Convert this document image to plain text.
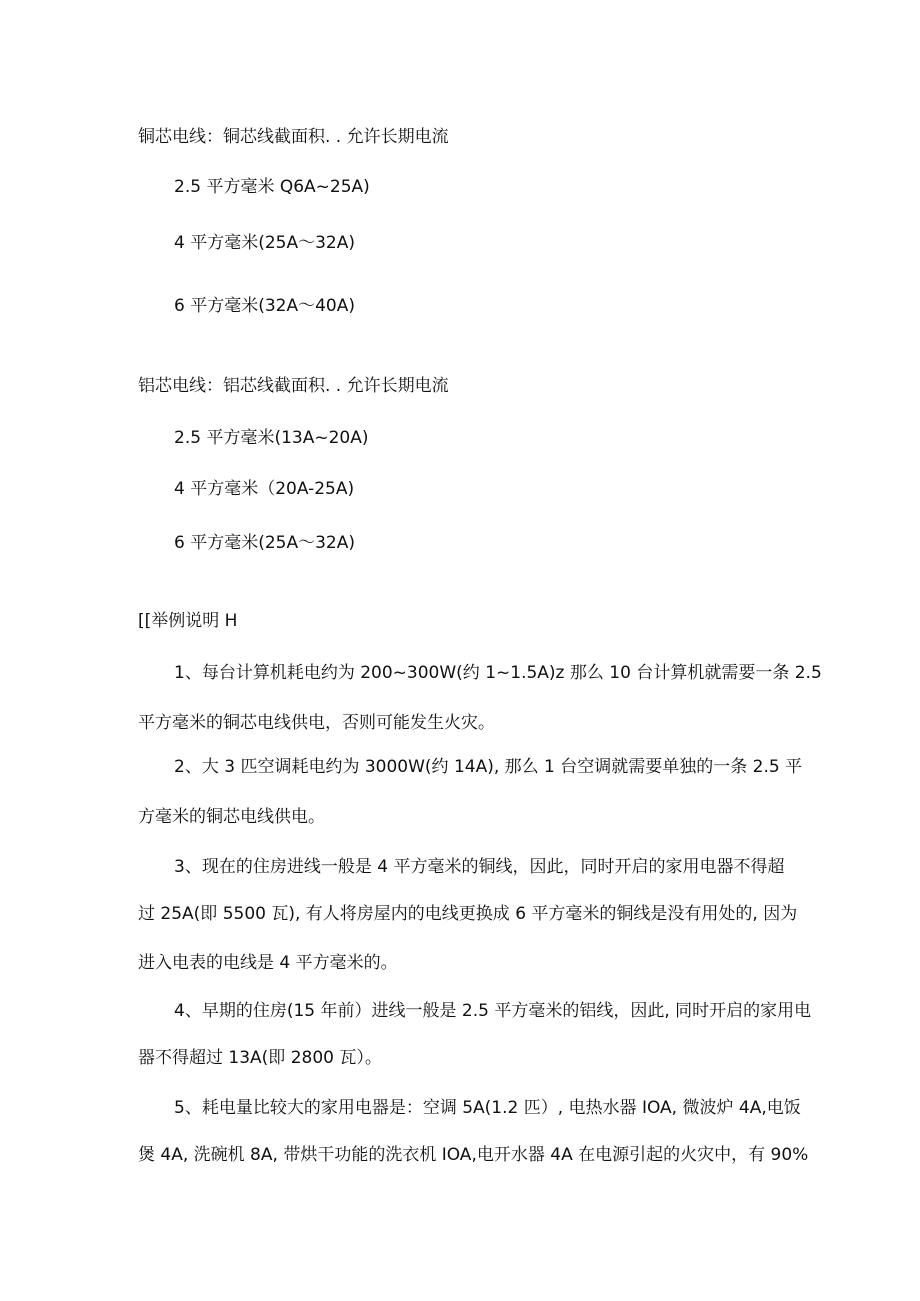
铜芯电线：铜芯线截面积. . 允许长期电流
2.5 平方毫米 Q6A~25A)
4 平方毫米(25A〜32A)
6 平方毫米(32A〜40A)
铝芯电线：铝芯线截面积. . 允许长期电流
2.5 平方毫米(13A~20A)
4 平方毫米（20A-25A)
6 平方毫米(25A〜32A)
[[举例说明 H
1、每台计算机耗电约为 200~300W(约 1~1.5A)z 那么 10 台计算机就需要一条 2.5
平方毫米的铜芯电线供电，否则可能发生火灾。
2、大 3 匹空调耗电约为 3000W(约 14A), 那么 1 台空调就需要单独的一条 2.5 平
方毫米的铜芯电线供电。
3、现在的住房进线一般是 4 平方毫米的铜线，因此，同时开启的家用电器不得超
过 25A(即 5500 瓦), 有人将房屋内的电线更换成 6 平方毫米的铜线是没有用处的, 因为
进入电表的电线是 4 平方毫米的。
4、早期的住房(15 年前）进线一般是 2.5 平方毫米的铝线，因此, 同时开启的家用电
器不得超过 13A(即 2800 瓦）。
5、耗电量比较大的家用电器是：空调 5A(1.2 匹）, 电热水器 IOA, 微波炉 4A,电饭
煲 4A, 洗碗机 8A, 带烘干功能的洗衣机 IOA,电开水器 4A 在电源引起的火灾中，有 90%
